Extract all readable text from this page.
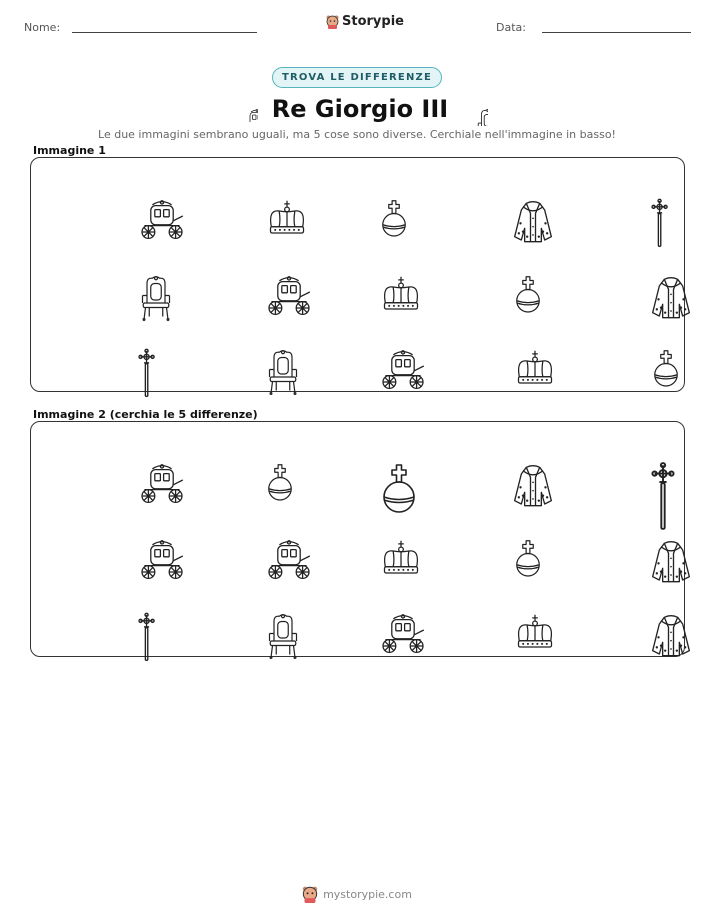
Nome:	Storypie	Data:
TROVA LE DIFFERENZE
Re Giorgio III
Le due immagini sembrano uguali, ma 5 cose sono diverse. Cerchiale nell'immagine in basso!
Immagine 1
Immagine 2 (cerchia le 5 differenze)
mystorypie.com
